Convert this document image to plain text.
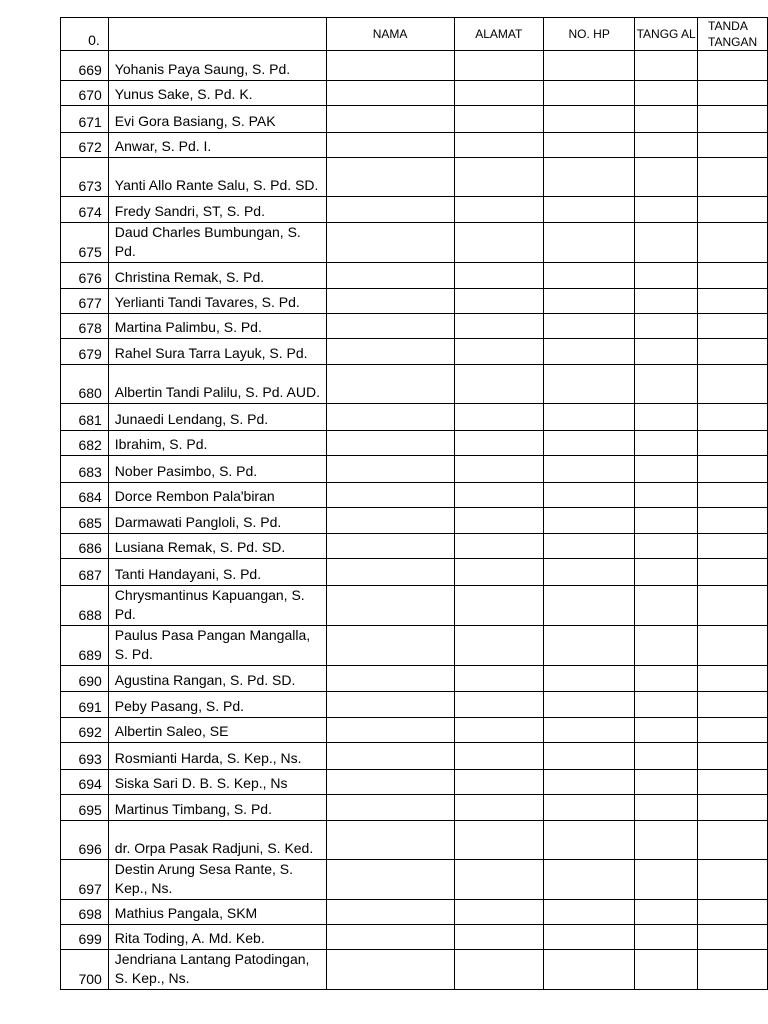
0.		NAMA	ALAMAT	NO. HP	TANGG AL	TANDA TANGAN
669	Yohanis Paya Saung, S. Pd.					
670	Yunus Sake, S. Pd. K.					
671	Evi Gora Basiang, S. PAK					
672	Anwar, S. Pd. I.					
673	Yanti Allo Rante Salu, S. Pd. SD.					
674	Fredy Sandri, ST, S. Pd.					
675	Daud Charles Bumbungan, S. Pd.					
676	Christina Remak, S. Pd.					
677	Yerlianti Tandi Tavares, S. Pd.					
678	Martina Palimbu, S. Pd.					
679	Rahel Sura Tarra Layuk, S. Pd.					
680	Albertin Tandi Palilu, S. Pd. AUD.					
681	Junaedi Lendang, S. Pd.					
682	Ibrahim, S. Pd.					
683	Nober Pasimbo, S. Pd.					
684	Dorce Rembon Pala'biran					
685	Darmawati Pangloli, S. Pd.					
686	Lusiana Remak, S. Pd. SD.					
687	Tanti Handayani, S. Pd.					
688	Chrysmantinus Kapuangan, S. Pd.					
689	Paulus Pasa Pangan Mangalla, S. Pd.					
690	Agustina Rangan, S. Pd. SD.					
691	Peby Pasang, S. Pd.					
692	Albertin Saleo, SE					
693	Rosmianti Harda, S. Kep., Ns.					
694	Siska Sari D. B. S. Kep., Ns					
695	Martinus Timbang, S. Pd.					
696	dr. Orpa Pasak Radjuni, S. Ked.					
697	Destin Arung Sesa Rante, S. Kep., Ns.					
698	Mathius Pangala, SKM					
699	Rita Toding, A. Md. Keb.					
700	Jendriana Lantang Patodingan, S. Kep., Ns.					
